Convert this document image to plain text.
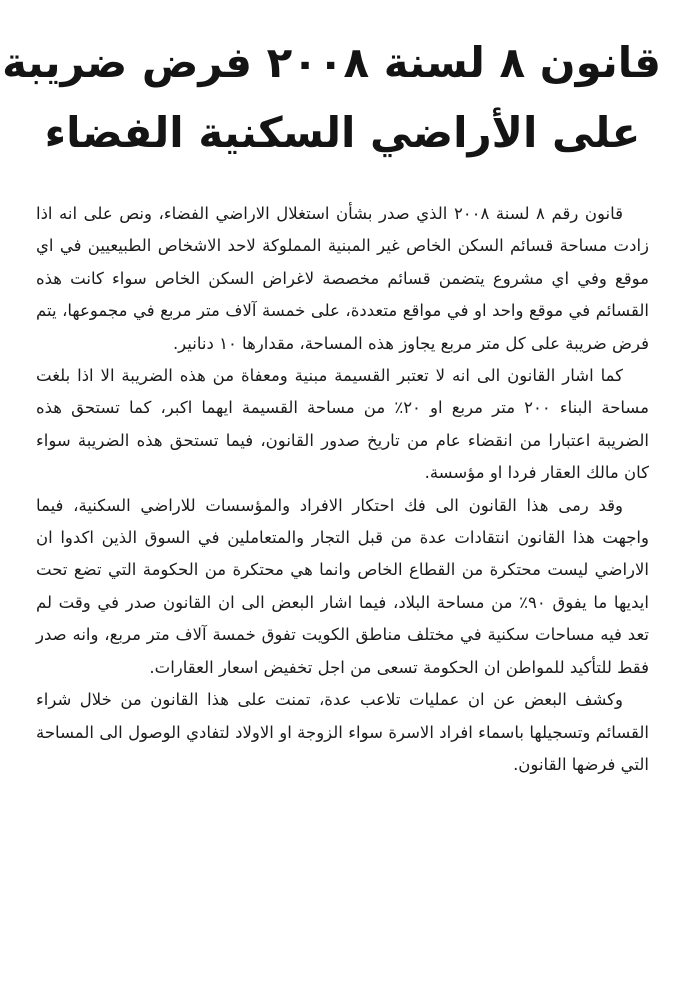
قانون ٨ لسنة ٢٠٠٨ فرض ضريبة
على الأراضي السكنية الفضاء

قانون رقم ٨ لسنة ٢٠٠٨ الذي صدر بشأن استغلال الاراضي الفضاء، ونص على انه اذا زادت مساحة قسائم السكن الخاص غير المبنية المملوكة لاحد الاشخاص الطبيعيين في اي موقع وفي اي مشروع يتضمن قسائم مخصصة لاغراض السكن الخاص سواء كانت هذه القسائم في موقع واحد او في مواقع متعددة، على خمسة آلاف متر مربع في مجموعها، يتم فرض ضريبة على كل متر مربع يجاوز هذه المساحة، مقدارها ١٠ دنانير.

كما اشار القانون الى انه لا تعتبر القسيمة مبنية ومعفاة من هذه الضريبة الا اذا بلغت مساحة البناء ٢٠٠ متر مربع او ٢٠٪ من مساحة القسيمة ايهما اكبر، كما تستحق هذه الضريبة اعتبارا من انقضاء عام من تاريخ صدور القانون، فيما تستحق هذه الضريبة سواء كان مالك العقار فردا او مؤسسة.

وقد رمى هذا القانون الى فك احتكار الافراد والمؤسسات للاراضي السكنية، فيما واجهت هذا القانون انتقادات عدة من قبل التجار والمتعاملين في السوق الذين اكدوا ان الاراضي ليست محتكرة من القطاع الخاص وانما هي محتكرة من الحكومة التي تضع تحت ايديها ما يفوق ٩٠٪ من مساحة البلاد، فيما اشار البعض الى ان القانون صدر في وقت لم تعد فيه مساحات سكنية في مختلف مناطق الكويت تفوق خمسة آلاف متر مربع، وانه صدر فقط للتأكيد للمواطن ان الحكومة تسعى من اجل تخفيض اسعار العقارات.

وكشف البعض عن ان عمليات تلاعب عدة، تمنت على هذا القانون من خلال شراء القسائم وتسجيلها باسماء افراد الاسرة سواء الزوجة او الاولاد لتفادي الوصول الى المساحة التي فرضها القانون.
